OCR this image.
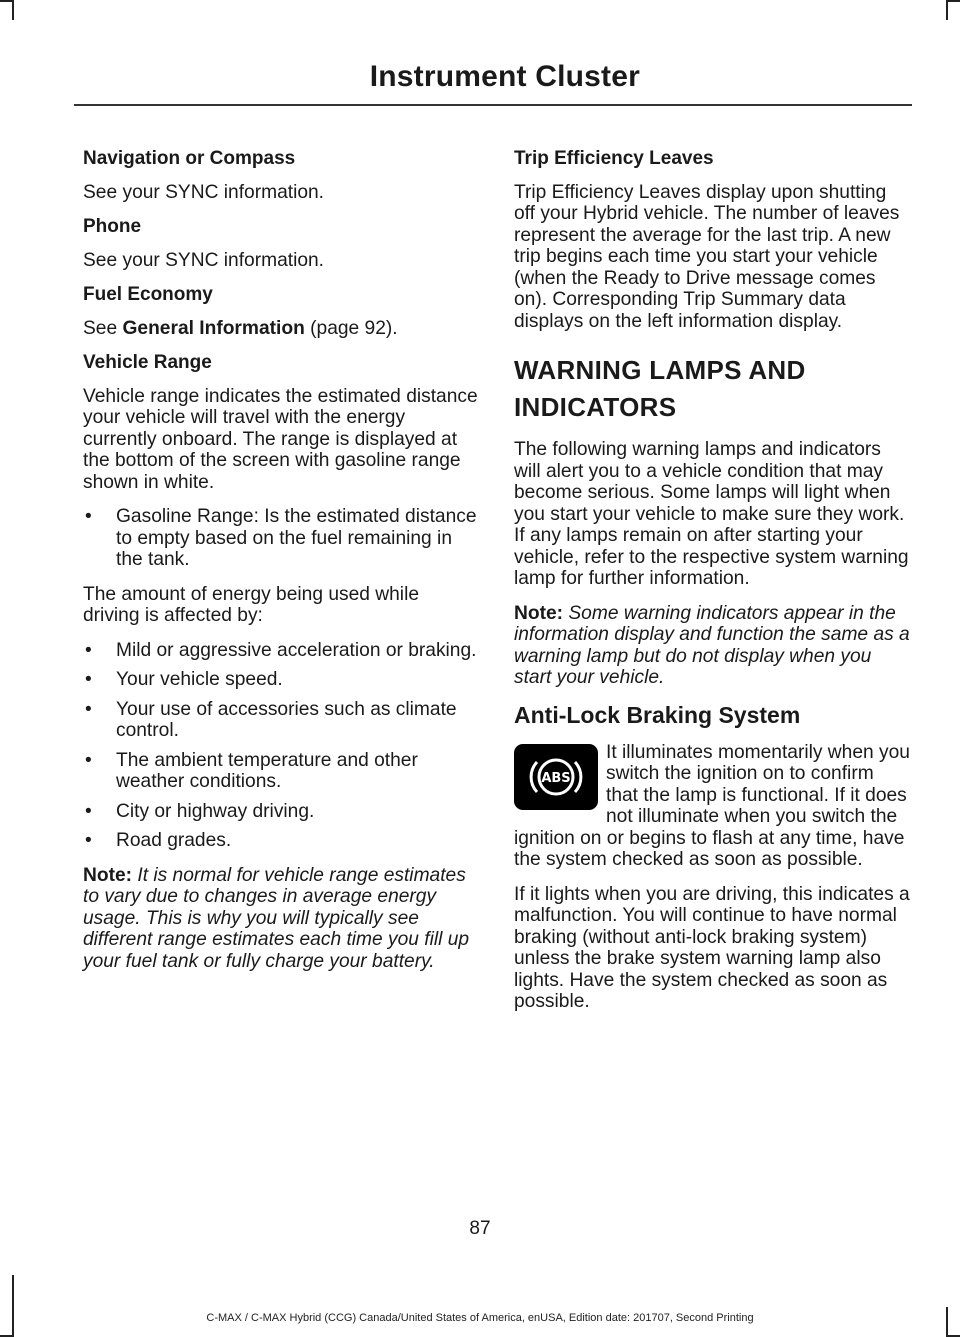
Instrument Cluster
Navigation or Compass
See your SYNC information.
Phone
See your SYNC information.
Fuel Economy
See General Information (page 92).
Vehicle Range
Vehicle range indicates the estimated distance your vehicle will travel with the energy currently onboard. The range is displayed at the bottom of the screen with gasoline range shown in white.
• Gasoline Range: Is the estimated distance to empty based on the fuel remaining in the tank.
The amount of energy being used while driving is affected by:
• Mild or aggressive acceleration or braking.
• Your vehicle speed.
• Your use of accessories such as climate control.
• The ambient temperature and other weather conditions.
• City or highway driving.
• Road grades.
Note: It is normal for vehicle range estimates to vary due to changes in average energy usage. This is why you will typically see different range estimates each time you fill up your fuel tank or fully charge your battery.
Trip Efficiency Leaves
Trip Efficiency Leaves display upon shutting off your Hybrid vehicle. The number of leaves represent the average for the last trip. A new trip begins each time you start your vehicle (when the Ready to Drive message comes on). Corresponding Trip Summary data displays on the left information display.
WARNING LAMPS AND
INDICATORS
The following warning lamps and indicators will alert you to a vehicle condition that may become serious. Some lamps will light when you start your vehicle to make sure they work. If any lamps remain on after starting your vehicle, refer to the respective system warning lamp for further information.
Note: Some warning indicators appear in the information display and function the same as a warning lamp but do not display when you start your vehicle.
Anti-Lock Braking System
ABS
It illuminates momentarily when you switch the ignition on to confirm that the lamp is functional. If it does not illuminate when you switch the ignition on or begins to flash at any time, have the system checked as soon as possible.
If it lights when you are driving, this indicates a malfunction. You will continue to have normal braking (without anti-lock braking system) unless the brake system warning lamp also lights. Have the system checked as soon as possible.
87
C-MAX / C-MAX Hybrid (CCG) Canada/United States of America, enUSA, Edition date: 201707, Second Printing
